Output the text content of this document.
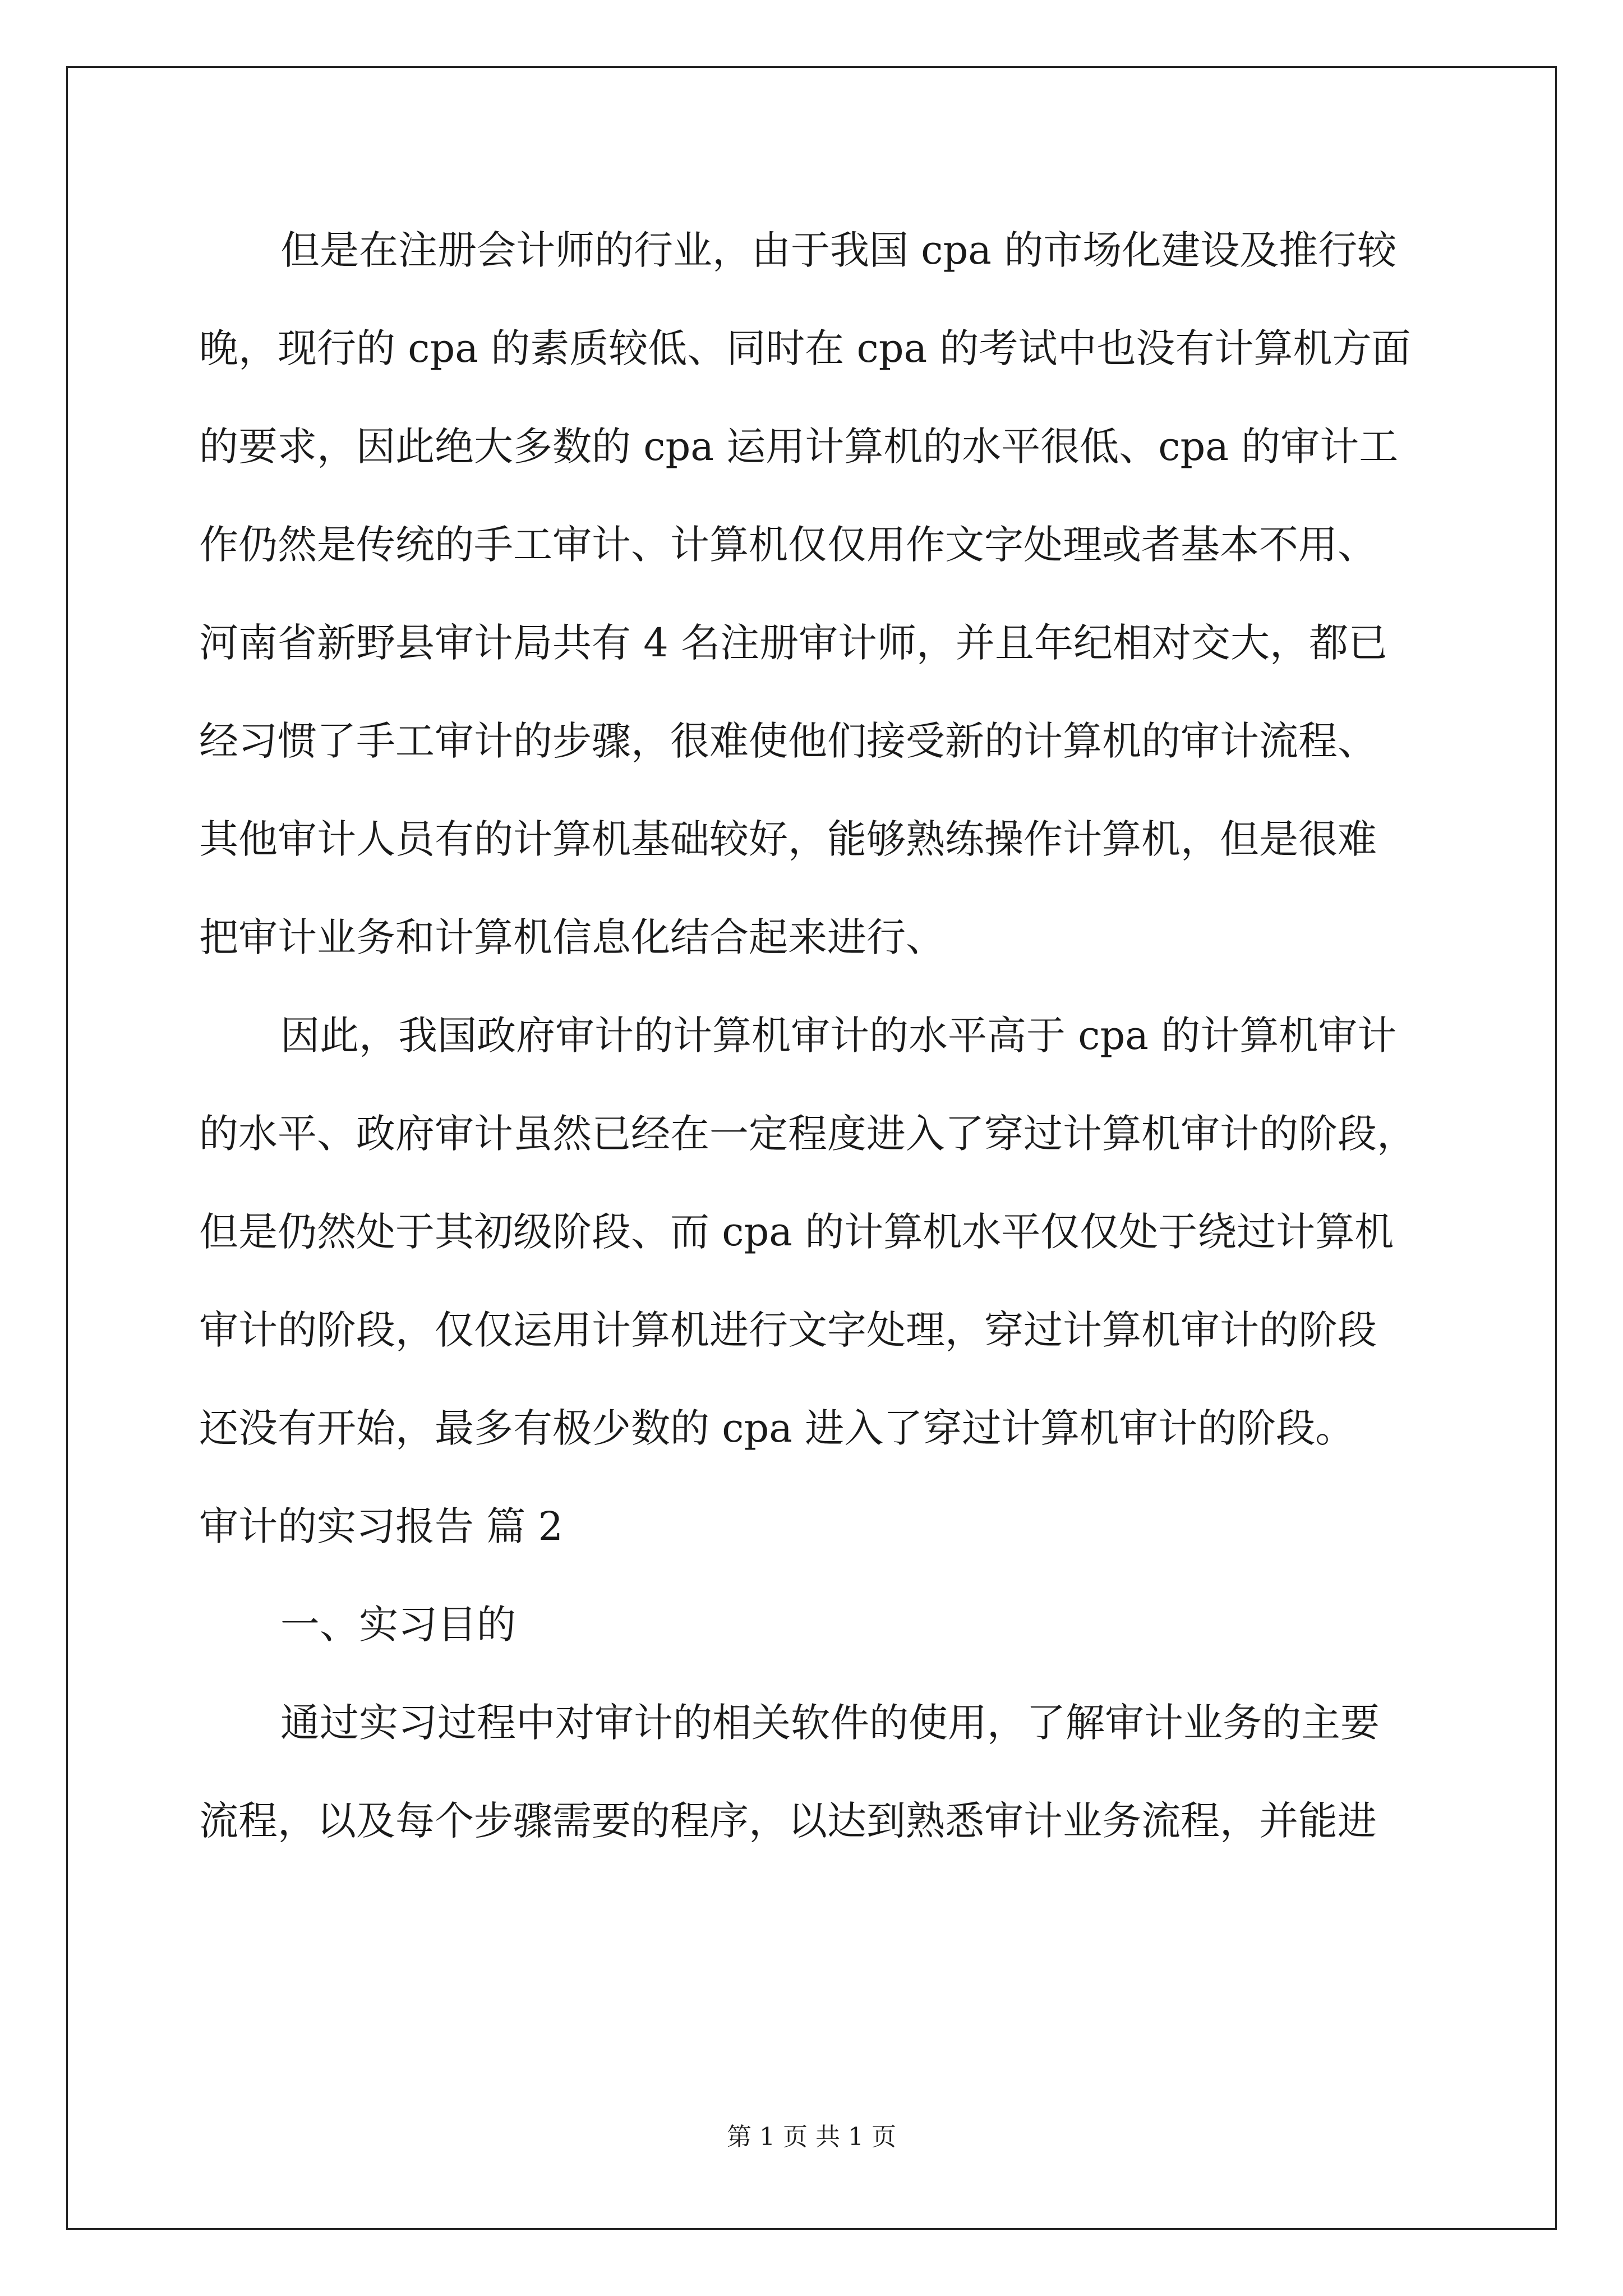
但是在注册会计师的行业，由于我国 cpa 的市场化建设及推行较
晚，现行的 cpa 的素质较低、同时在 cpa 的考试中也没有计算机方面
的要求，因此绝大多数的 cpa 运用计算机的水平很低、cpa 的审计工
作仍然是传统的手工审计、计算机仅仅用作文字处理或者基本不用、
河南省新野县审计局共有 4 名注册审计师，并且年纪相对交大，都已
经习惯了手工审计的步骤，很难使他们接受新的计算机的审计流程、
其他审计人员有的计算机基础较好，能够熟练操作计算机，但是很难
把审计业务和计算机信息化结合起来进行、
因此，我国政府审计的计算机审计的水平高于 cpa 的计算机审计
的水平、政府审计虽然已经在一定程度进入了穿过计算机审计的阶段，
但是仍然处于其初级阶段、而 cpa 的计算机水平仅仅处于绕过计算机
审计的阶段，仅仅运用计算机进行文字处理，穿过计算机审计的阶段
还没有开始，最多有极少数的 cpa 进入了穿过计算机审计的阶段。
审计的实习报告 篇 2
一、实习目的
通过实习过程中对审计的相关软件的使用，了解审计业务的主要
流程，以及每个步骤需要的程序，以达到熟悉审计业务流程，并能进
第 1 页 共 1 页
